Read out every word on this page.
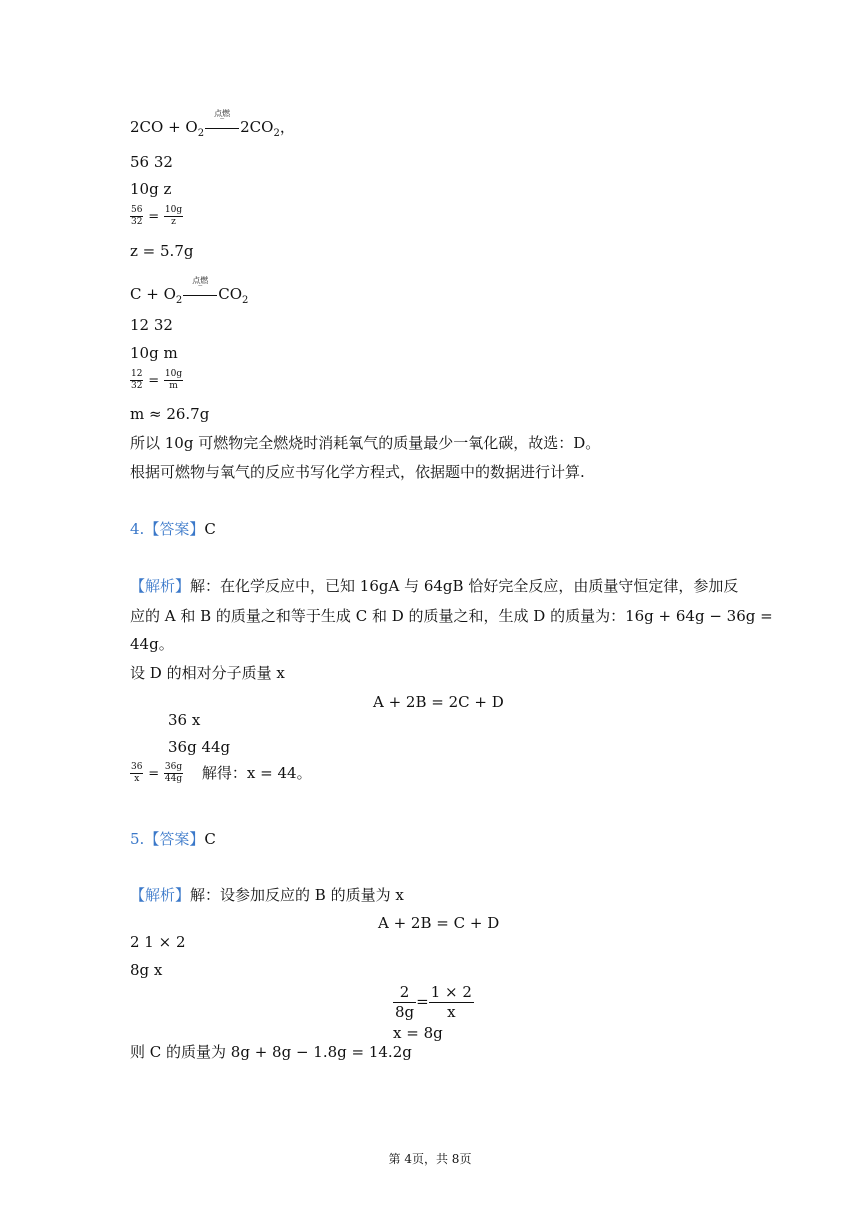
$2CO + O_2$
点燃
‾	$2CO_2$，
56 32
10g z
$\frac{56}{32} = \frac{10g}{z}$
z = 5.7g
$C + O_2$
点燃
‾	$CO_2$
12 32
10g m
$\frac{12}{32} = \frac{10g}{m}$
m ≈ 26.7g
所以 10g 可燃物完全燃烧时消耗氧气的质量最少一氧化碳，故选：D。
根据可燃物与氧气的反应书写化学方程式，依据题中的数据进行计算.
4.【答案】C
【解析】解：在化学反应中，已知 16gA 与 64gB 恰好完全反应，由质量守恒定律，参加反
应的 A 和 B 的质量之和等于生成 C 和 D 的质量之和，生成 D 的质量为：16g + 64g − 36g =
44g。
设 D 的相对分子质量 x
A + 2B = 2C + D
36 x
36g 44g
$\frac{36}{x} = \frac{36g}{44g}$ 解得：x = 44。
5.【答案】C
【解析】解：设参加反应的 B 的质量为 x
A + 2B = C + D
2 1 × 2
8g x
$\frac{2}{8g} = \frac{1 \times 2}{x}$
x = 8g
则 C 的质量为 8g + 8g − 1.8g = 14.2g
第 4页，共 8页
